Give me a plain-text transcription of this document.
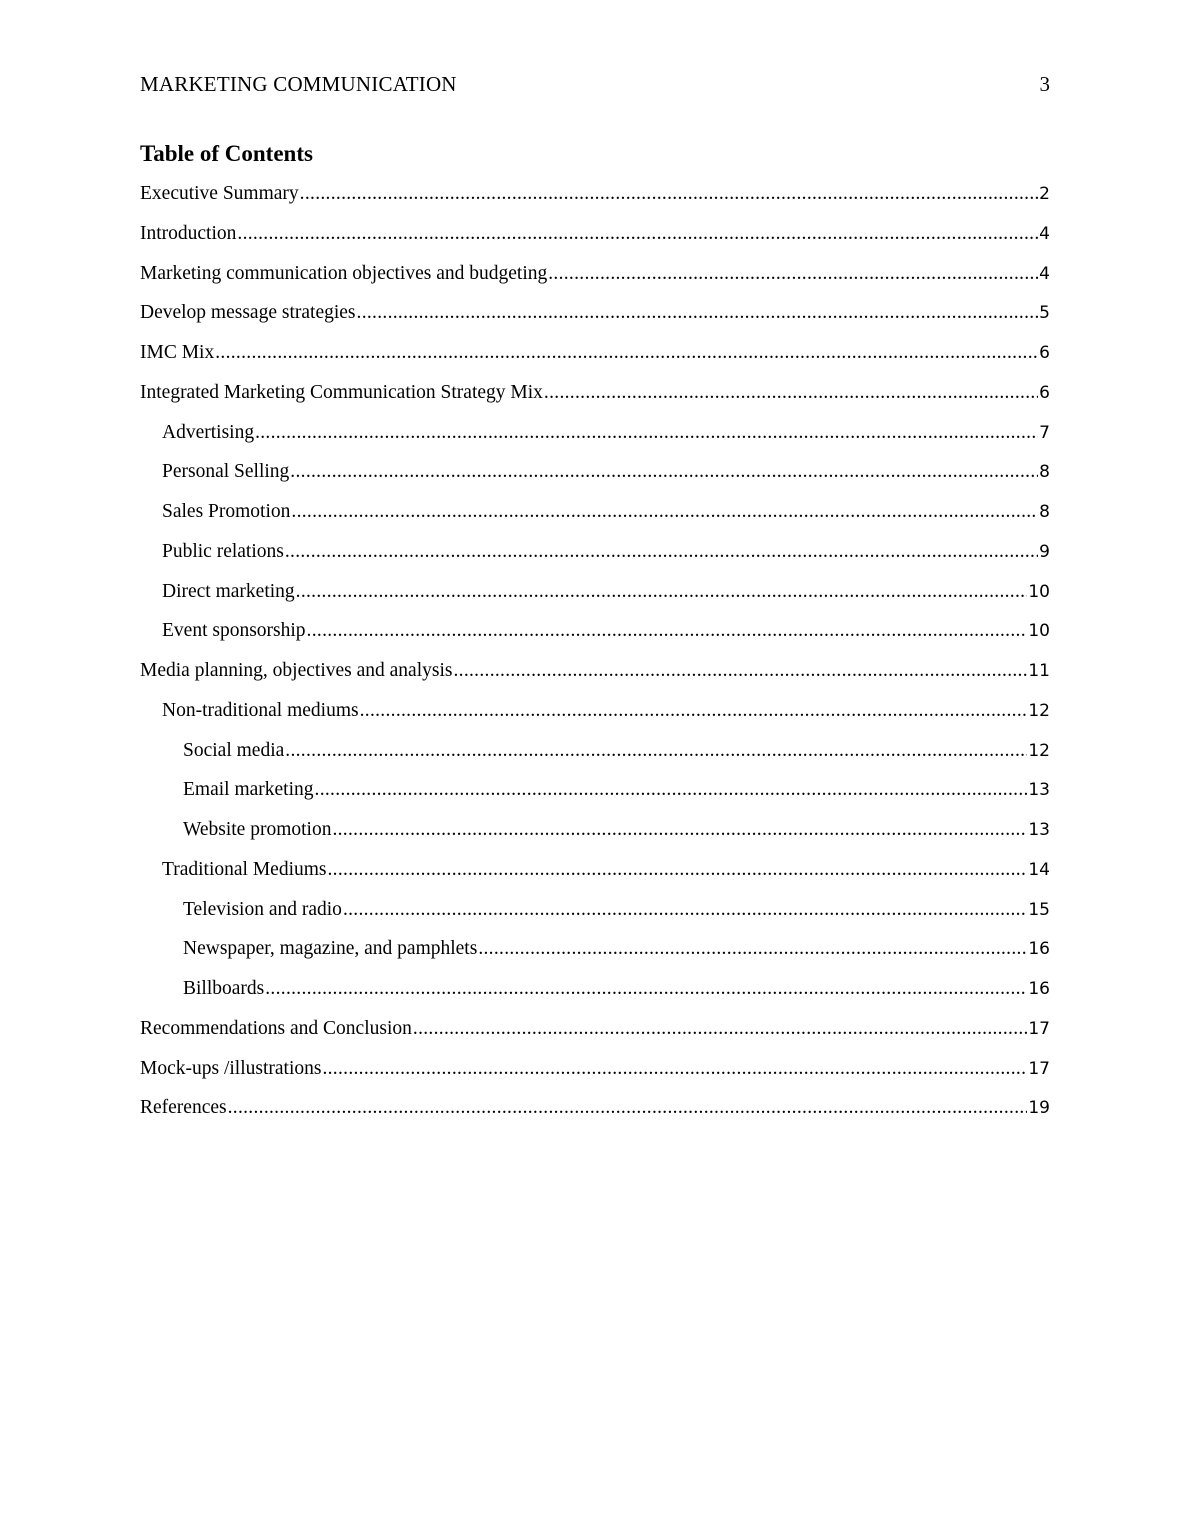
MARKETING COMMUNICATION	3
Table of Contents
Executive Summary .....	2
Introduction .....	4
Marketing communication objectives and budgeting .....	4
Develop message strategies .....	5
IMC Mix .....	6
Integrated Marketing Communication Strategy Mix .....	6
Advertising .....	7
Personal Selling .....	8
Sales Promotion .....	8
Public relations .....	9
Direct marketing .....	10
Event sponsorship .....	10
Media planning, objectives and analysis .....	11
Non-traditional mediums .....	12
Social media .....	12
Email marketing .....	13
Website promotion .....	13
Traditional Mediums .....	14
Television and radio .....	15
Newspaper, magazine, and pamphlets .....	16
Billboards .....	16
Recommendations and Conclusion .....	17
Mock-ups /illustrations .....	17
References .....	19
